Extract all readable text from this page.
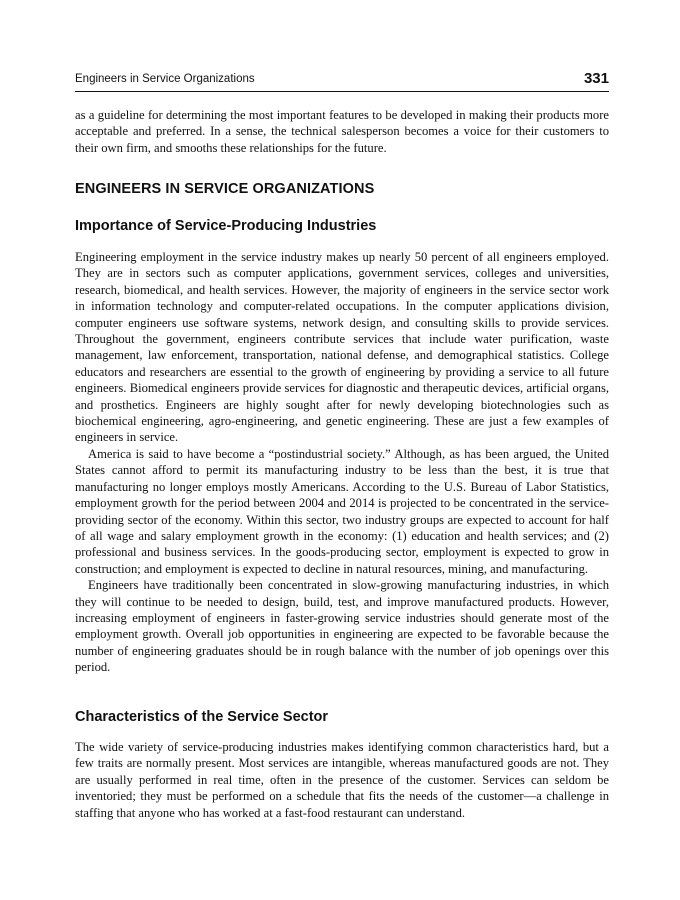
Engineers in Service Organizations	331

as a guideline for determining the most important features to be developed in making their products more acceptable and preferred. In a sense, the technical salesperson becomes a voice for their customers to their own firm, and smooths these relationships for the future.

ENGINEERS IN SERVICE ORGANIZATIONS
Importance of Service-Producing Industries

Engineering employment in the service industry makes up nearly 50 percent of all engineers employed. They are in sectors such as computer applications, government services, colleges and universities, research, biomedical, and health services. However, the majority of engineers in the service sector work in information technology and computer-related occupations. In the computer applications division, computer engineers use software systems, network design, and consulting skills to provide services. Throughout the government, engineers contribute services that include water purification, waste management, law enforcement, transportation, national defense, and demographical statistics. College educators and researchers are essential to the growth of engineering by providing a service to all future engineers. Biomedical engineers provide services for diagnostic and therapeutic devices, artificial organs, and prosthetics. Engineers are highly sought after for newly developing biotechnologies such as biochemical engineering, agro-engineering, and genetic engineering. These are just a few examples of engineers in service.

America is said to have become a “postindustrial society.” Although, as has been argued, the United States cannot afford to permit its manufacturing industry to be less than the best, it is true that manufacturing no longer employs mostly Americans. According to the U.S. Bureau of Labor Statistics, employment growth for the period between 2004 and 2014 is projected to be concentrated in the service-providing sector of the economy. Within this sector, two industry groups are expected to account for half of all wage and salary employment growth in the economy: (1) education and health services; and (2) professional and business services. In the goods-producing sector, employment is expected to grow in construction; and employment is expected to decline in natural resources, mining, and manufacturing.

Engineers have traditionally been concentrated in slow-growing manufacturing industries, in which they will continue to be needed to design, build, test, and improve manufactured products. However, increasing employment of engineers in faster-growing service industries should generate most of the employment growth. Overall job opportunities in engineering are expected to be favorable because the number of engineering graduates should be in rough balance with the number of job openings over this period.

Characteristics of the Service Sector

The wide variety of service-producing industries makes identifying common characteristics hard, but a few traits are normally present. Most services are intangible, whereas manufactured goods are not. They are usually performed in real time, often in the presence of the customer. Services can seldom be inventoried; they must be performed on a schedule that fits the needs of the customer—a challenge in staffing that anyone who has worked at a fast-food restaurant can understand.
